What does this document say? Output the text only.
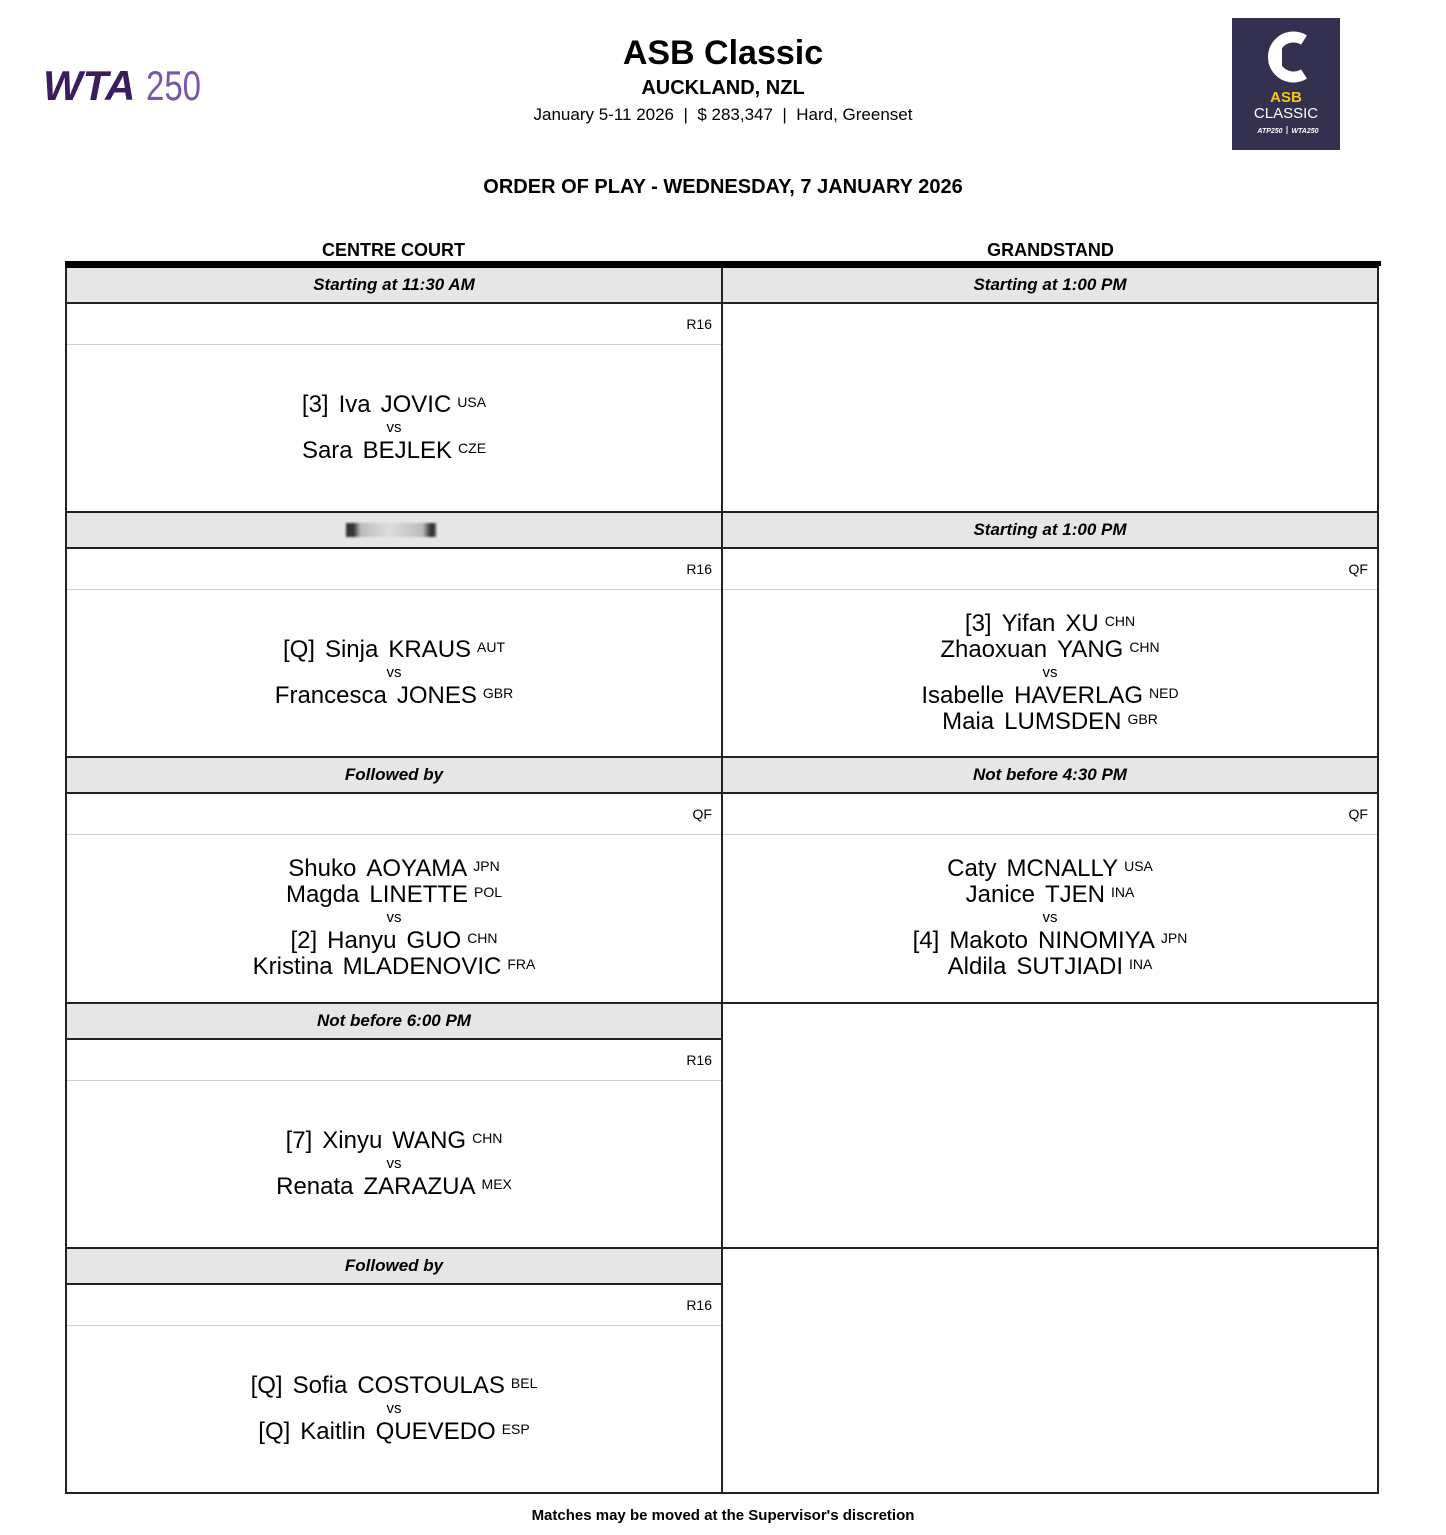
WTA 250
ASB Classic
AUCKLAND, NZL
January 5-11 2026  |  $ 283,347  |  Hard, Greenset
ORDER OF PLAY - WEDNESDAY, 7 JANUARY 2026
ASB
CLASSIC
ATP250 WTA250
CENTRE COURT	GRANDSTAND
Starting at 11:30 AM
R16
[3] Iva JOVIC $^{USA}$
vs
Sara BEJLEK $^{CZE}$
R16
[Q] Sinja KRAUS $^{AUT}$
vs
Francesca JONES $^{GBR}$
Followed by
QF
Shuko AOYAMA $^{JPN}$
Magda LINETTE $^{POL}$
vs
[2] Hanyu GUO $^{CHN}$
Kristina MLADENOVIC $^{FRA}$
Not before 6:00 PM
R16
[7] Xinyu WANG $^{CHN}$
vs
Renata ZARAZUA $^{MEX}$
Followed by
R16
[Q] Sofia COSTOULAS $^{BEL}$
vs
[Q] Kaitlin QUEVEDO $^{ESP}$
Starting at 1:00 PM
Starting at 1:00 PM
QF
[3] Yifan XU $^{CHN}$
Zhaoxuan YANG $^{CHN}$
vs
Isabelle HAVERLAG $^{NED}$
Maia LUMSDEN $^{GBR}$
Not before 4:30 PM
QF
Caty MCNALLY $^{USA}$
Janice TJEN $^{INA}$
vs
[4] Makoto NINOMIYA $^{JPN}$
Aldila SUTJIADI $^{INA}$
Matches may be moved at the Supervisor's discretion
